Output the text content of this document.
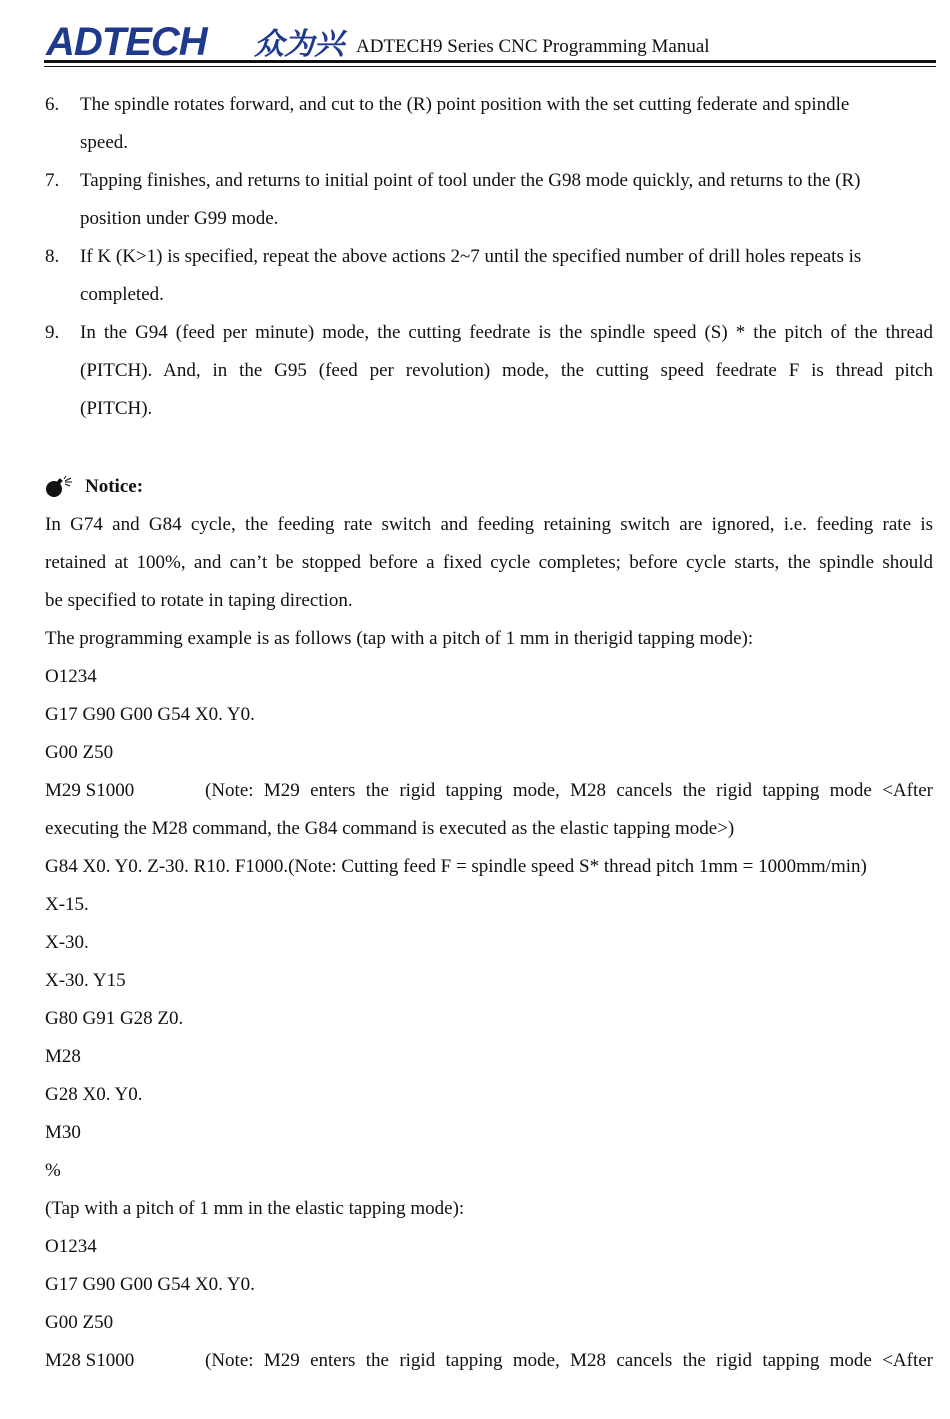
ADTECH 众为兴 ADTECH9 Series CNC Programming Manual
6.	The spindle rotates forward, and cut to the (R) point position with the set cutting federate and spindle
speed.
7.	Tapping finishes, and returns to initial point of tool under the G98 mode quickly, and returns to the (R)
position under G99 mode.
8.	If K (K>1) is specified, repeat the above actions 2~7 until the specified number of drill holes repeats is
completed.
9.	In the G94 (feed per minute) mode, the cutting feedrate is the spindle speed (S) * the pitch of the thread
(PITCH). And, in the G95 (feed per revolution) mode, the cutting speed feedrate F is thread pitch
(PITCH).
Notice:
In G74 and G84 cycle, the feeding rate switch and feeding retaining switch are ignored, i.e. feeding rate is
retained at 100%, and can’t be stopped before a fixed cycle completes; before cycle starts, the spindle should
be specified to rotate in taping direction.
The programming example is as follows (tap with a pitch of 1 mm in therigid tapping mode):
O1234
G17 G90 G00 G54 X0. Y0.
G00 Z50
M29 S1000	(Note: M29 enters the rigid tapping mode, M28 cancels the rigid tapping mode <After
executing the M28 command, the G84 command is executed as the elastic tapping mode>)
G84 X0. Y0. Z-30. R10. F1000.(Note: Cutting feed F = spindle speed S* thread pitch 1mm = 1000mm/min)
X-15.
X-30.
X-30. Y15
G80 G91 G28 Z0.
M28
G28 X0. Y0.
M30
%
(Tap with a pitch of 1 mm in the elastic tapping mode):
O1234
G17 G90 G00 G54 X0. Y0.
G00 Z50
M28 S1000	(Note: M29 enters the rigid tapping mode, M28 cancels the rigid tapping mode <After
